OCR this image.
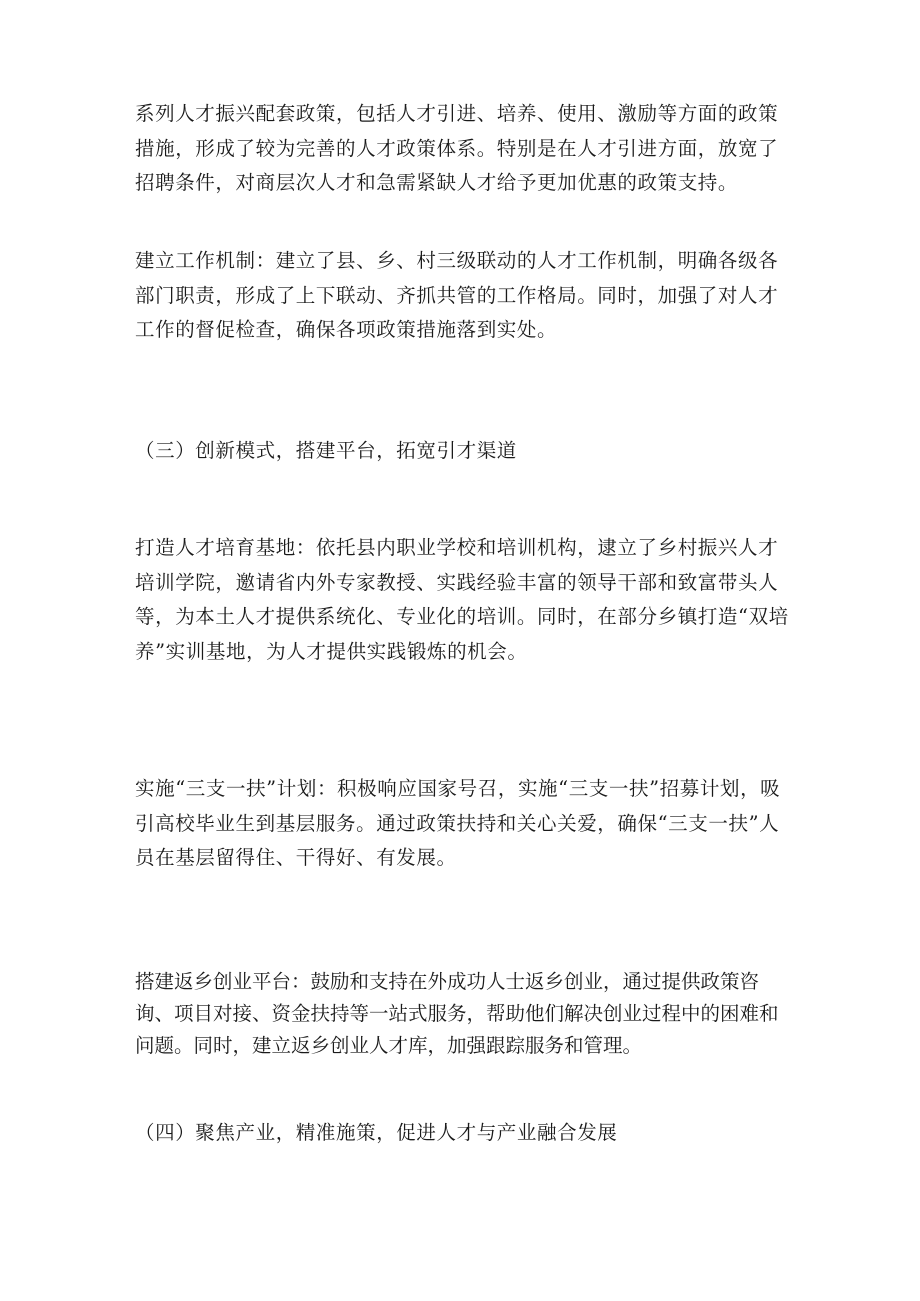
系列人才振兴配套政策，包括人才引进、培养、使用、激励等方面的政策措施，形成了较为完善的人才政策体系。特别是在人才引进方面，放宽了招聘条件，对商层次人才和急需紧缺人才给予更加优惠的政策支持。

建立工作机制：建立了县、乡、村三级联动的人才工作机制，明确各级各部门职责，形成了上下联动、齐抓共管的工作格局。同时，加强了对人才工作的督促检查，确保各项政策措施落到实处。

（三）创新模式，搭建平台，拓宽引才渠道

打造人才培育基地：依托县内职业学校和培训机构，逮立了乡村振兴人才培训学院，邀请省内外专家教授、实践经验丰富的领导干部和致富带头人等，为本土人才提供系统化、专业化的培训。同时，在部分乡镇打造“双培养”实训基地，为人才提供实践锻炼的机会。

实施“三支一扶”计划：积极响应国家号召，实施“三支一扶”招募计划，吸引高校毕业生到基层服务。通过政策扶持和关心关爱，确保“三支一扶”人员在基层留得住、干得好、有发展。

搭建返乡创业平台：鼓励和支持在外成功人士返乡创业，通过提供政策咨询、项目对接、资金扶持等一站式服务，帮助他们解决创业过程中的困难和问题。同时，建立返乡创业人才库，加强跟踪服务和管理。

（四）聚焦产业，精准施策，促进人才与产业融合发展
